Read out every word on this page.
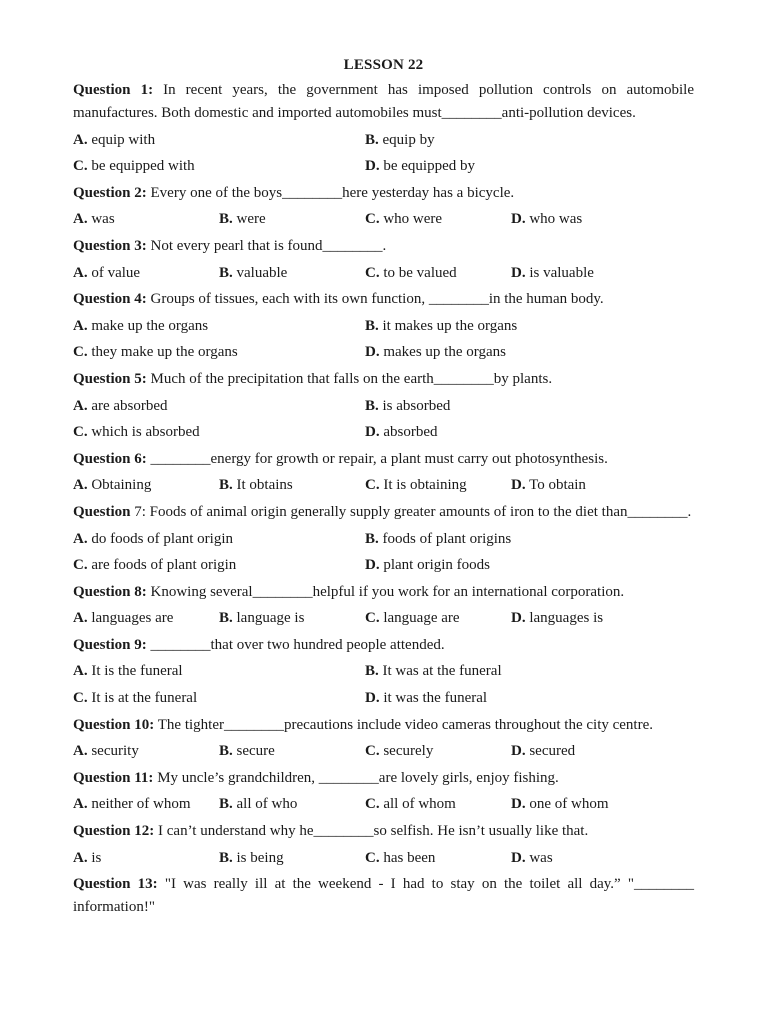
LESSON 22
Question 1: In recent years, the government has imposed pollution controls on automobile manufactures. Both domestic and imported automobiles must________anti-pollution devices.
A. equip with	B. equip by
C. be equipped with	D. be equipped by
Question 2: Every one of the boys________here yesterday has a bicycle.
A. was	B. were	C. who were	D. who was
Question 3: Not every pearl that is found________.
A. of value	B. valuable	C. to be valued	D. is valuable
Question 4: Groups of tissues, each with its own function, ________in the human body.
A. make up the organs	B. it makes up the organs
C. they make up the organs	D. makes up the organs
Question 5: Much of the precipitation that falls on the earth________by plants.
A. are absorbed	B. is absorbed
C. which is absorbed	D. absorbed
Question 6: ________energy for growth or repair, a plant must carry out photosynthesis.
A. Obtaining	B. It obtains	C. It is obtaining	D. To obtain
Question 7: Foods of animal origin generally supply greater amounts of iron to the diet than________.
A. do foods of plant origin	B. foods of plant origins
C. are foods of plant origin	D. plant origin foods
Question 8: Knowing several________helpful if you work for an international corporation.
A. languages are	B. language is	C. language are	D. languages is
Question 9: ________that over two hundred people attended.
A. It is the funeral	B. It was at the funeral
C. It is at the funeral	D. it was the funeral
Question 10: The tighter________precautions include video cameras throughout the city centre.
A. security	B. secure	C. securely	D. secured
Question 11: My uncle’s grandchildren, ________are lovely girls, enjoy fishing.
A. neither of whom	B. all of who	C. all of whom	D. one of whom
Question 12: I can’t understand why he________so selfish. He isn’t usually like that.
A. is	B. is being	C. has been	D. was
Question 13: "I was really ill at the weekend - I had to stay on the toilet all day.” "________ information!"
